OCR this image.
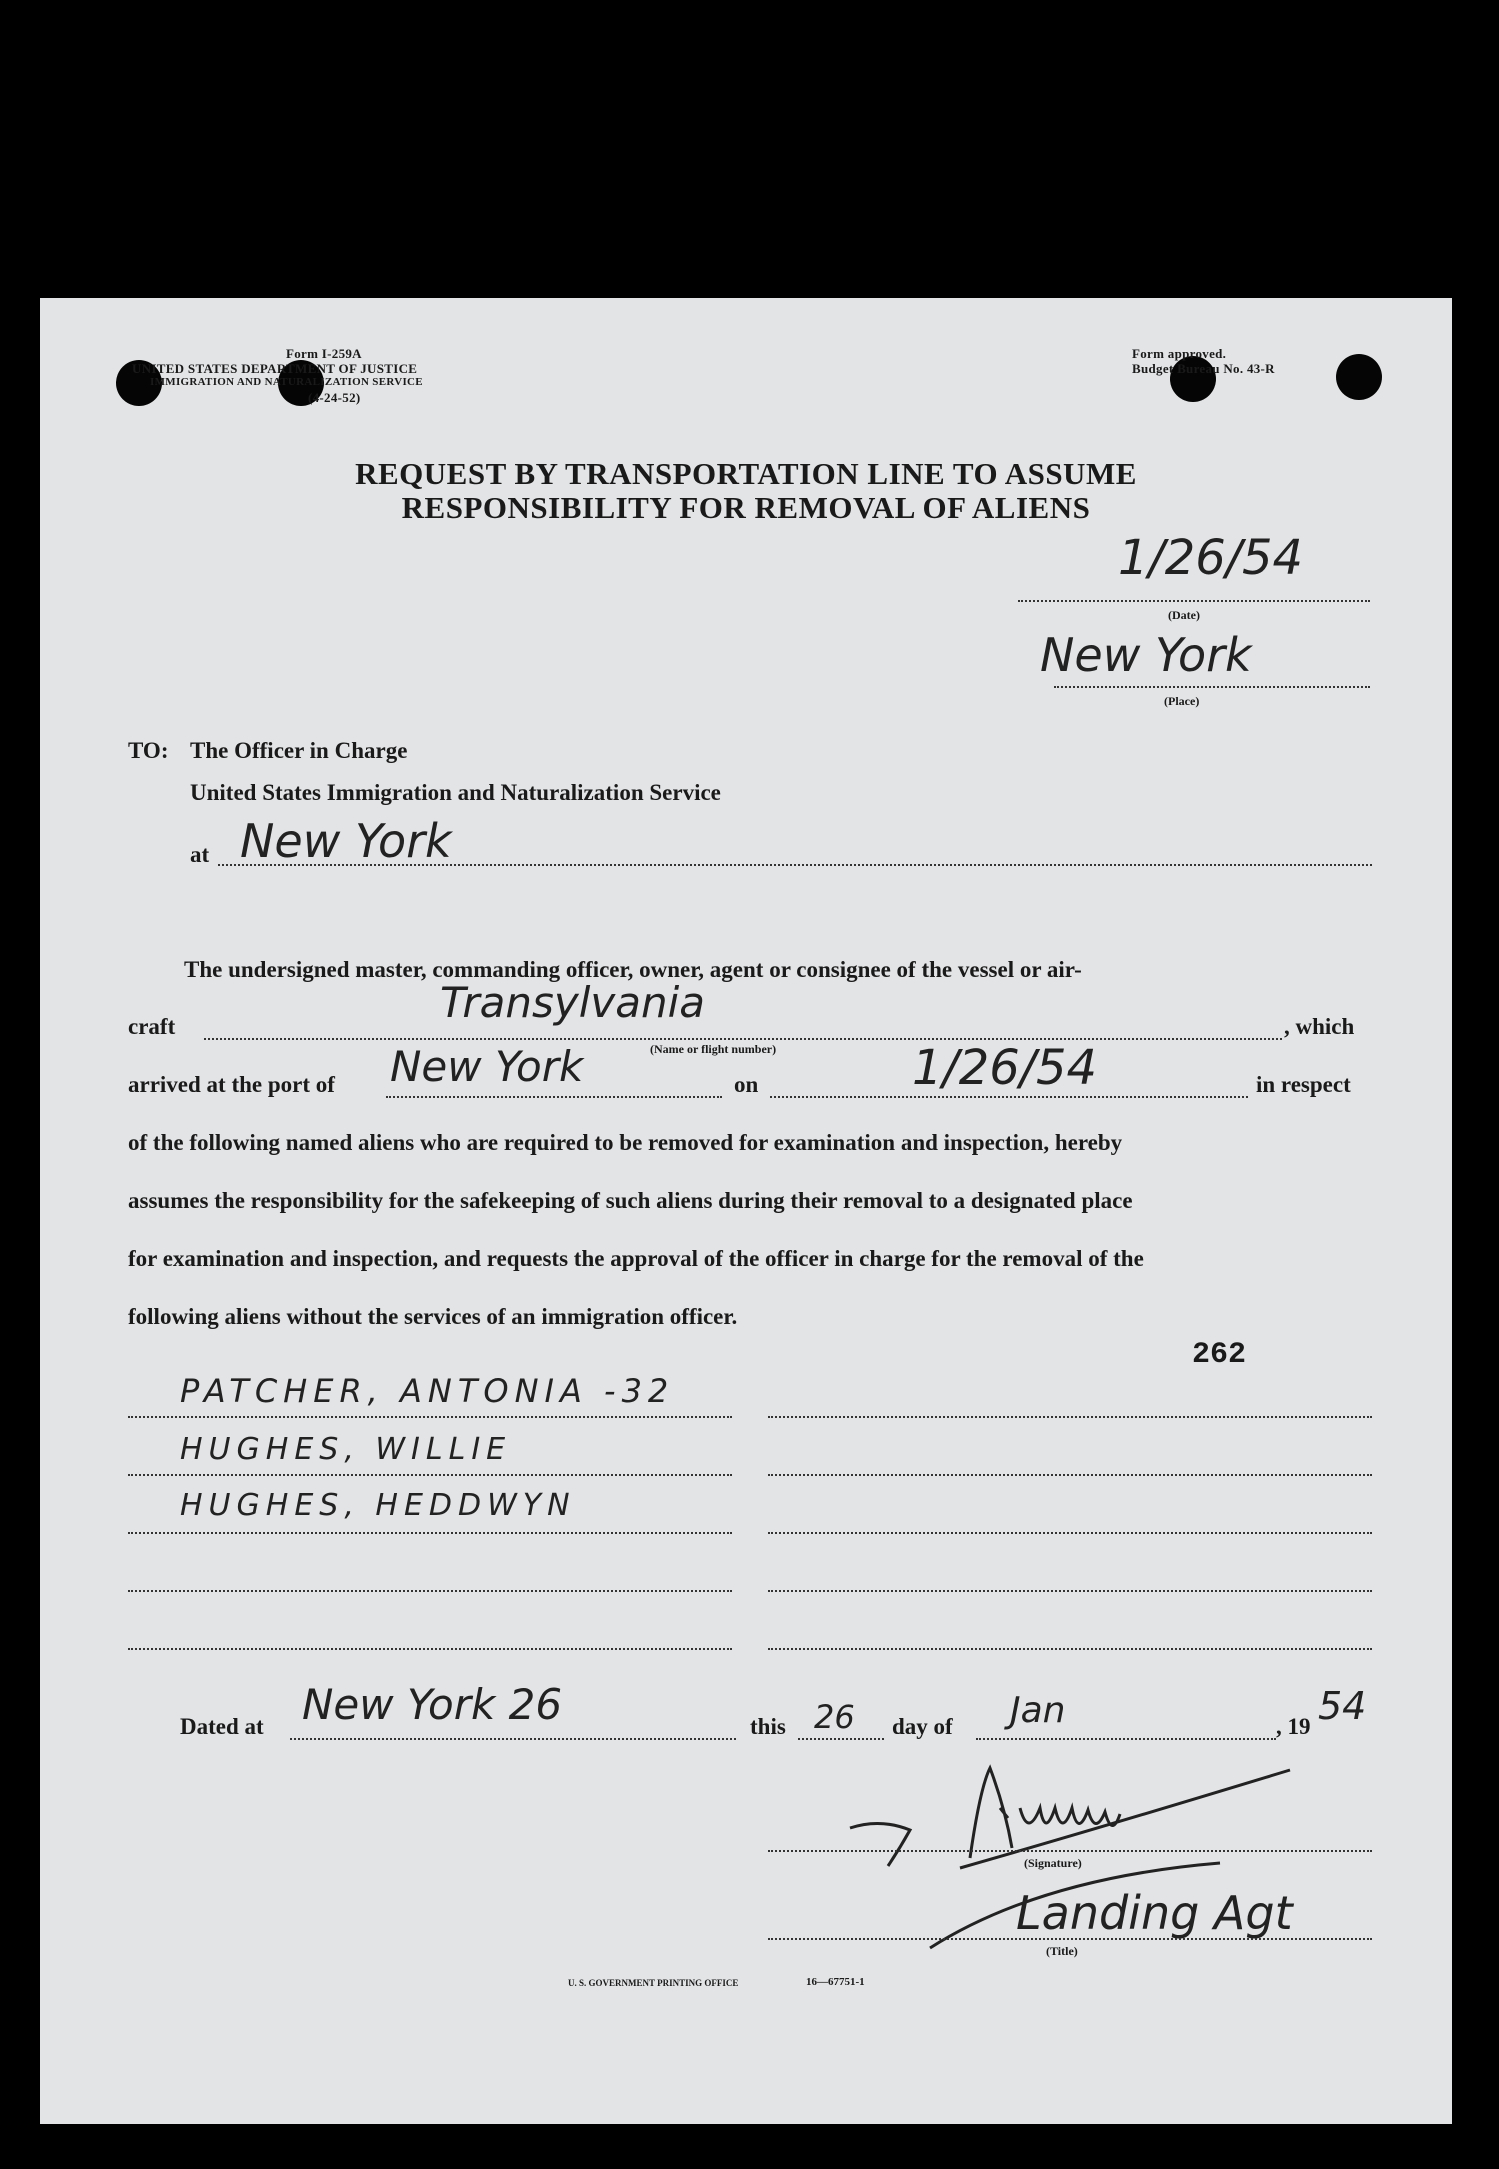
Form I-259A
UNITED STATES DEPARTMENT OF JUSTICE
IMMIGRATION AND NATURALIZATION SERVICE
(4-24-52)
Form approved.
Budget Bureau No. 43-R
REQUEST BY TRANSPORTATION LINE TO ASSUME
RESPONSIBILITY FOR REMOVAL OF ALIENS
1/26/54
(Date)
New York
(Place)
TO: The Officer in Charge
United States Immigration and Naturalization Service
at New York
The undersigned master, commanding officer, owner, agent or consignee of the vessel or air-
craft	Transylvania	, which
(Name or flight number)
arrived at the port of New York	on	1/26/54	in respect
of the following named aliens who are required to be removed for examination and inspection, hereby
assumes the responsibility for the safekeeping of such aliens during their removal to a designated place
for examination and inspection, and requests the approval of the officer in charge for the removal of the
following aliens without the services of an immigration officer.
262
PATCHER, ANTONIA -32
HUGHES, WILLIE
HUGHES, HEDDWYN
Dated at New York 26	this 26 day of Jan	, 19 54
(Signature)
Landing Agt
(Title)
U. S. GOVERNMENT PRINTING OFFICE	16—67751-1
